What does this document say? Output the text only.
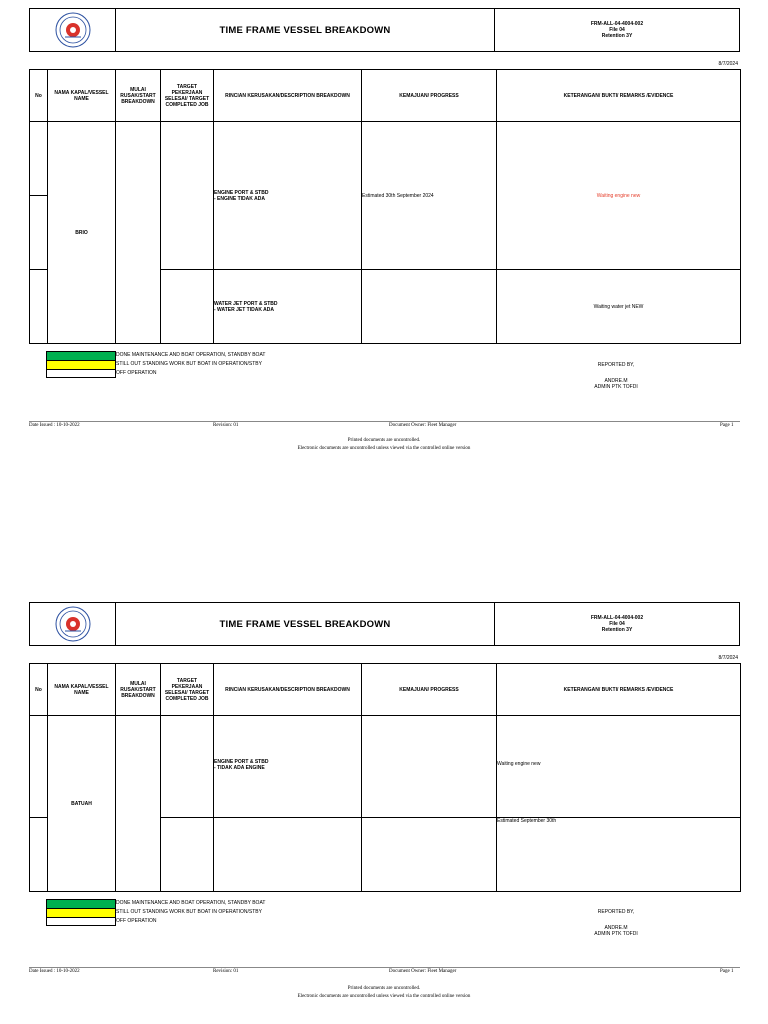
TIME FRAME VESSEL BREAKDOWN
FRM-ALL-04-4004-002
File 04
Retention 3Y
8/7/2024
No	NAMA KAPAL/VESSEL NAME	MULAI RUSAK/START BREAKDOWN	TARGET PEKERJAAN SELESAI/ TARGET COMPLETED JOB	RINCIAN KERUSAKAN/DESCRIPTION BREAKDOWN	KEMAJUAN/ PROGRESS	KETERANGAN/ BUKTI/ REMARKS /EVIDENCE
	BRIO			ENGINE PORT & STBD
- ENGINE TIDAK ADA	Estimated 30th September 2024	Waiting engine new

				WATER JET PORT & STBD
- WATER JET TIDAK ADA		Waiting water jet NEW
DONE MAINTENANCE AND BOAT OPERATION, STANDBY BOAT
STILL OUT STANDING WORK BUT BOAT IN OPERATION/STBY
OFF OPERATION
REPORTED BY,
ANDRE.M
ADMIN PTK TOFDI
Date Issued : 10-10-2022	Revision: 01	Document Owner: Fleet Manager	Page 1
Printed documents are uncontrolled.
Electronic documents are uncontrolled unless viewed via the controlled online version
TIME FRAME VESSEL BREAKDOWN
FRM-ALL-04-4004-002
File 04
Retention 3Y
8/7/2024
No	NAMA KAPAL/VESSEL NAME	MULAI RUSAK/START BREAKDOWN	TARGET PEKERJAAN SELESAI/ TARGET COMPLETED JOB	RINCIAN KERUSAKAN/DESCRIPTION BREAKDOWN	KEMAJUAN/ PROGRESS	KETERANGAN/ BUKTI/ REMARKS /EVIDENCE
	BATUAH			ENGINE PORT & STBD
- TIDAK ADA ENGINE		Waiting engine new
						Estimated September 30th
DONE MAINTENANCE AND BOAT OPERATION, STANDBY BOAT
STILL OUT STANDING WORK BUT BOAT IN OPERATION/STBY
OFF OPERATION
REPORTED BY,
ANDRE.M
ADMIN PTK TOFDI
Date Issued : 10-10-2022	Revision: 01	Document Owner: Fleet Manager	Page 1
Printed documents are uncontrolled.
Electronic documents are uncontrolled unless viewed via the controlled online version
